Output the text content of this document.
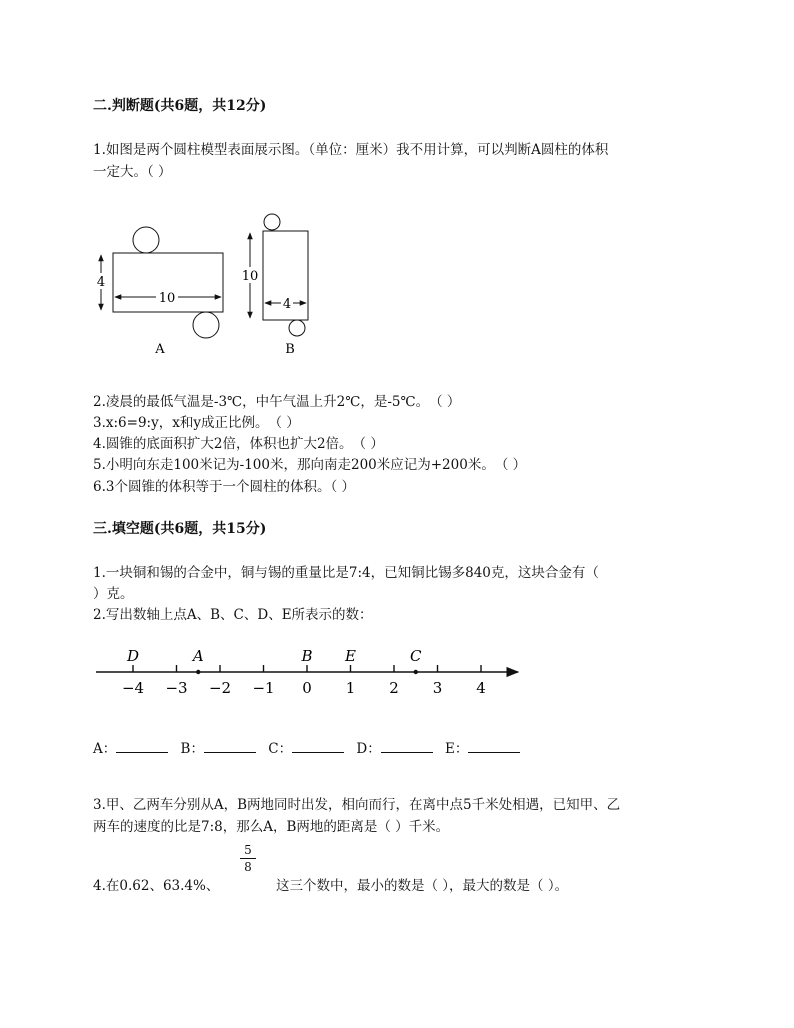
二.判断题(共6题，共12分)
1.如图是两个圆柱模型表面展示图。（单位：厘米）我不用计算，可以判断A圆柱的体积
一定大。（ ）
4
10
A
10
4
B
2.凌晨的最低气温是-3℃，中午气温上升2℃，是-5℃。　（ ）
3.x:6=9:y，x和y成正比例。　（ ）
4.圆锥的底面积扩大2倍，体积也扩大2倍。　（ ）
5.小明向东走100米记为-100米，那向南走200米应记为+200米。　（ ）
6.3个圆锥的体积等于一个圆柱的体积。（ ）
三.填空题(共6题，共15分)
1.一块铜和锡的合金中，铜与锡的重量比是7:4，已知铜比锡多840克，这块合金有（
）克。
2.写出数轴上点A、B、C、D、E所表示的数：
−4 −3 −2 −1 0 1 2 3 4
D	A	B E	C
A：	B：	C：	D：	E：
3.甲、乙两车分别从A，B两地同时出发，相向而行，在离中点5千米处相遇，已知甲、乙
两车的速度的比是7:8，那么A，B两地的距离是（ ）千米。
5
8
4.在0.62、63.4%、	这三个数中，最小的数是（ ），最大的数是（ ）。
